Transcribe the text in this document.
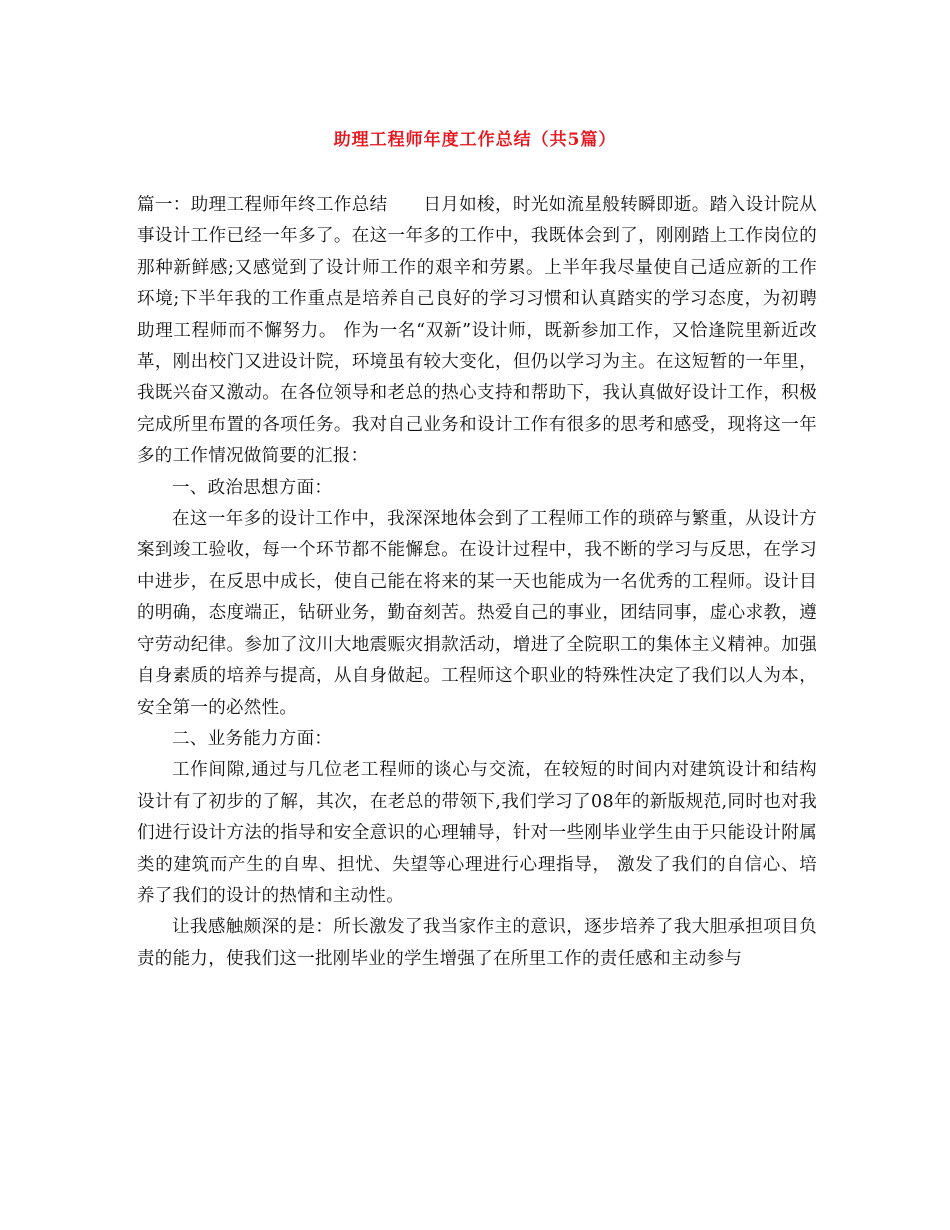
助理工程师年度工作总结（共5篇）

篇一：助理工程师年终工作总结　　日月如梭，时光如流星般转瞬即逝。踏入设计院从事设计工作已经一年多了。在这一年多的工作中，我既体会到了，刚刚踏上工作岗位的那种新鲜感;又感觉到了设计师工作的艰辛和劳累。上半年我尽量使自己适应新的工作环境;下半年我的工作重点是培养自己良好的学习习惯和认真踏实的学习态度，为初聘助理工程师而不懈努力。 作为一名“双新”设计师，既新参加工作，又恰逢院里新近改革，刚出校门又进设计院，环境虽有较大变化，但仍以学习为主。在这短暂的一年里，我既兴奋又激动。在各位领导和老总的热心支持和帮助下，我认真做好设计工作，积极完成所里布置的各项任务。我对自己业务和设计工作有很多的思考和感受，现将这一年多的工作情况做简要的汇报：

一、政治思想方面：

在这一年多的设计工作中，我深深地体会到了工程师工作的琐碎与繁重，从设计方案到竣工验收，每一个环节都不能懈怠。在设计过程中，我不断的学习与反思，在学习中进步，在反思中成长，使自己能在将来的某一天也能成为一名优秀的工程师。设计目的明确，态度端正，钻研业务，勤奋刻苦。热爱自己的事业，团结同事，虚心求教，遵守劳动纪律。参加了汶川大地震赈灾捐款活动，增进了全院职工的集体主义精神。加强自身素质的培养与提高，从自身做起。工程师这个职业的特殊性决定了我们以人为本，安全第一的必然性。

二、业务能力方面：

工作间隙,通过与几位老工程师的谈心与交流，在较短的时间内对建筑设计和结构设计有了初步的了解，其次，在老总的带领下,我们学习了08年的新版规范,同时也对我们进行设计方法的指导和安全意识的心理辅导，针对一些刚毕业学生由于只能设计附属类的建筑而产生的自卑、担忧、失望等心理进行心理指导， 激发了我们的自信心、培养了我们的设计的热情和主动性。

让我感触颇深的是：所长激发了我当家作主的意识，逐步培养了我大胆承担项目负责的能力，使我们这一批刚毕业的学生增强了在所里工作的责任感和主动参与
